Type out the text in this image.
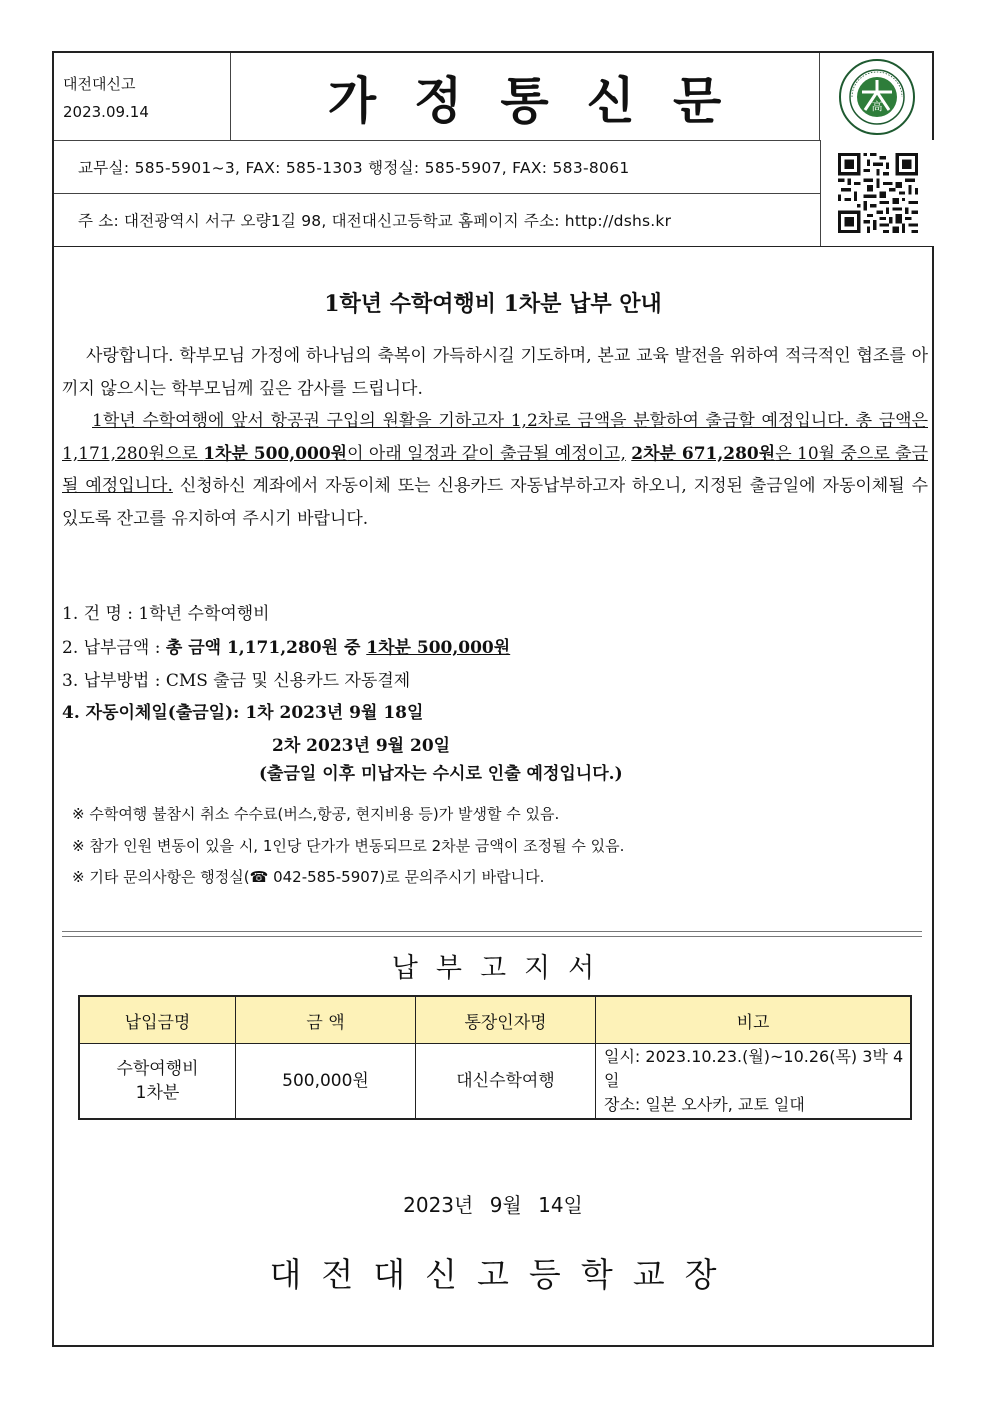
대전대신고
2023.09.14	가정통신문	高
교무실: 585-5901~3, FAX: 585-1303 행정실: 585-5907, FAX: 583-8061
주 소: 대전광역시 서구 오량1길 98, 대전대신고등학교 홈페이지 주소: http://dshs.kr
1학년 수학여행비 1차분 납부 안내
사랑합니다. 학부모님 가정에 하나님의 축복이 가득하시길 기도하며, 본교 교육 발전을 위하여 적극적인 협조를 아끼지 않으시는 학부모님께 깊은 감사를 드립니다.
1학년 수학여행에 앞서 항공권 구입의 원활을 기하고자 1,2차로 금액을 분할하여 출금할 예정입니다. 총 금액은 1,171,280원으로 1차분 500,000원이 아래 일정과 같이 출금될 예정이고, 2차분 671,280원은 10월 중으로 출금될 예정입니다. 신청하신 계좌에서 자동이체 또는 신용카드 자동납부하고자 하오니, 지정된 출금일에 자동이체될 수 있도록 잔고를 유지하여 주시기 바랍니다.
1. 건 명 : 1학년 수학여행비
2. 납부금액 : 총 금액 1,171,280원 중 1차분 500,000원
3. 납부방법 : CMS 출금 및 신용카드 자동결제
4. 자동이체일(출금일): 1차 2023년 9월 18일
2차 2023년 9월 20일
(출금일 이후 미납자는 수시로 인출 예정입니다.)
※ 수학여행 불참시 취소 수수료(버스,항공, 현지비용 등)가 발생할 수 있음.
※ 참가 인원 변동이 있을 시, 1인당 단가가 변동되므로 2차분 금액이 조정될 수 있음.
※ 기타 문의사항은 행정실(☎ 042-585-5907)로 문의주시기 바랍니다.
납부고지서
납입금명	금 액	통장인자명	비고
수학여행비
1차분	500,000원	대신수학여행	일시: 2023.10.23.(월)~10.26(목) 3박 4일
장소: 일본 오사카, 교토 일대
2023년 9월 14일
대전대신고등학교장
